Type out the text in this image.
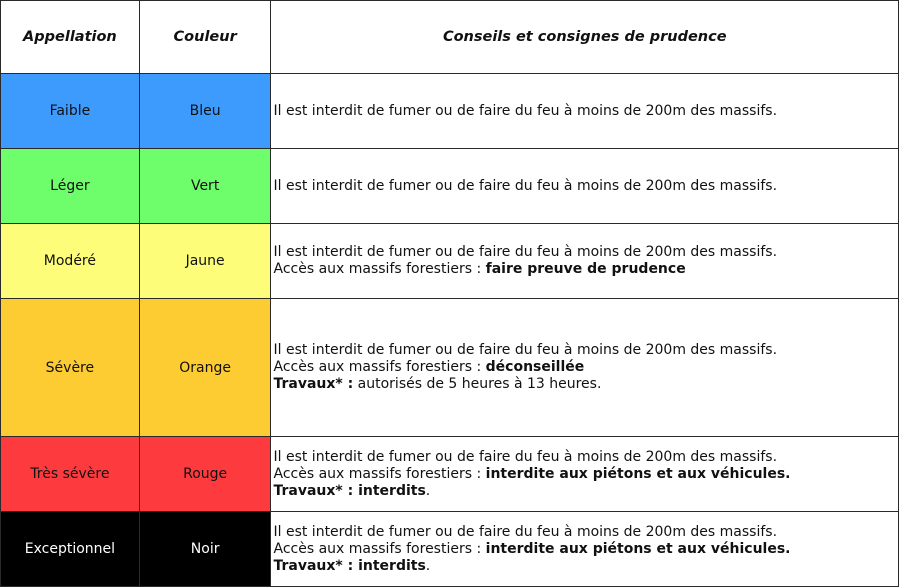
Appellation	Couleur	Conseils et consignes de prudence
Faible	Bleu	Il est interdit de fumer ou de faire du feu à moins de 200m des massifs.

Léger	Vert	Il est interdit de fumer ou de faire du feu à moins de 200m des massifs.

Modéré	Jaune	Il est interdit de fumer ou de faire du feu à moins de 200m des massifs.
Accès aux massifs forestiers : faire preuve de prudence

Sévère	Orange	Il est interdit de fumer ou de faire du feu à moins de 200m des massifs.
Accès aux massifs forestiers : déconseillée
Travaux* : autorisés de 5 heures à 13 heures.

Très sévère	Rouge	Il est interdit de fumer ou de faire du feu à moins de 200m des massifs.
Accès aux massifs forestiers : interdite aux piétons et aux véhicules.
Travaux* : interdits.

Exceptionnel	Noir	Il est interdit de fumer ou de faire du feu à moins de 200m des massifs.
Accès aux massifs forestiers : interdite aux piétons et aux véhicules.
Travaux* : interdits.
